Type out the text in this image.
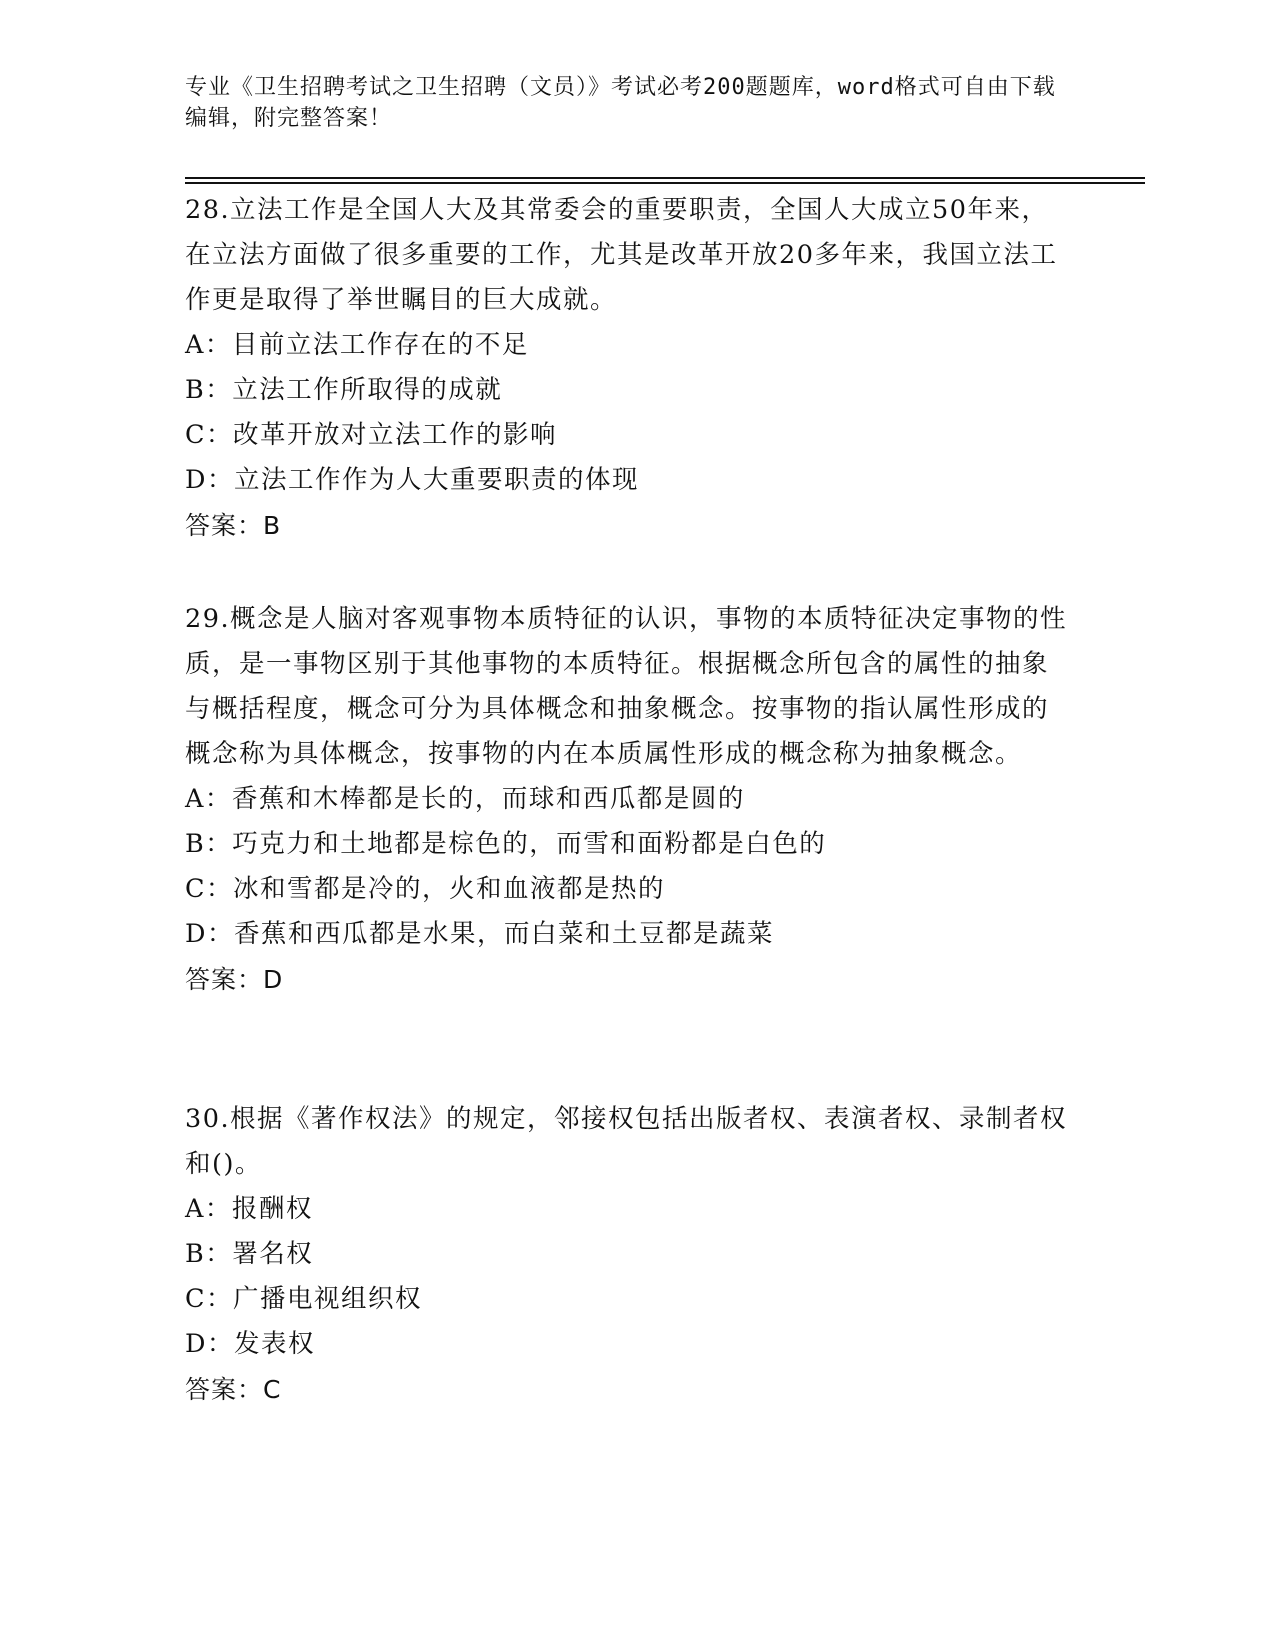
专业《卫生招聘考试之卫生招聘（文员）》考试必考200题题库，word格式可自由下载编辑，附完整答案！

28.立法工作是全国人大及其常委会的重要职责，全国人大成立50年来，在立法方面做了很多重要的工作，尤其是改革开放20多年来，我国立法工作更是取得了举世瞩目的巨大成就。

A：目前立法工作存在的不足

B：立法工作所取得的成就

C：改革开放对立法工作的影响

D：立法工作作为人大重要职责的体现

答案：B

29.概念是人脑对客观事物本质特征的认识，事物的本质特征决定事物的性质，是一事物区别于其他事物的本质特征。根据概念所包含的属性的抽象与概括程度，概念可分为具体概念和抽象概念。按事物的指认属性形成的概念称为具体概念，按事物的内在本质属性形成的概念称为抽象概念。

A：香蕉和木棒都是长的，而球和西瓜都是圆的

B：巧克力和土地都是棕色的，而雪和面粉都是白色的

C：冰和雪都是冷的，火和血液都是热的

D：香蕉和西瓜都是水果，而白菜和土豆都是蔬菜

答案：D

30.根据《著作权法》的规定，邻接权包括出版者权、表演者权、录制者权和()。

A：报酬权

B：署名权

C：广播电视组织权

D：发表权

答案：C
